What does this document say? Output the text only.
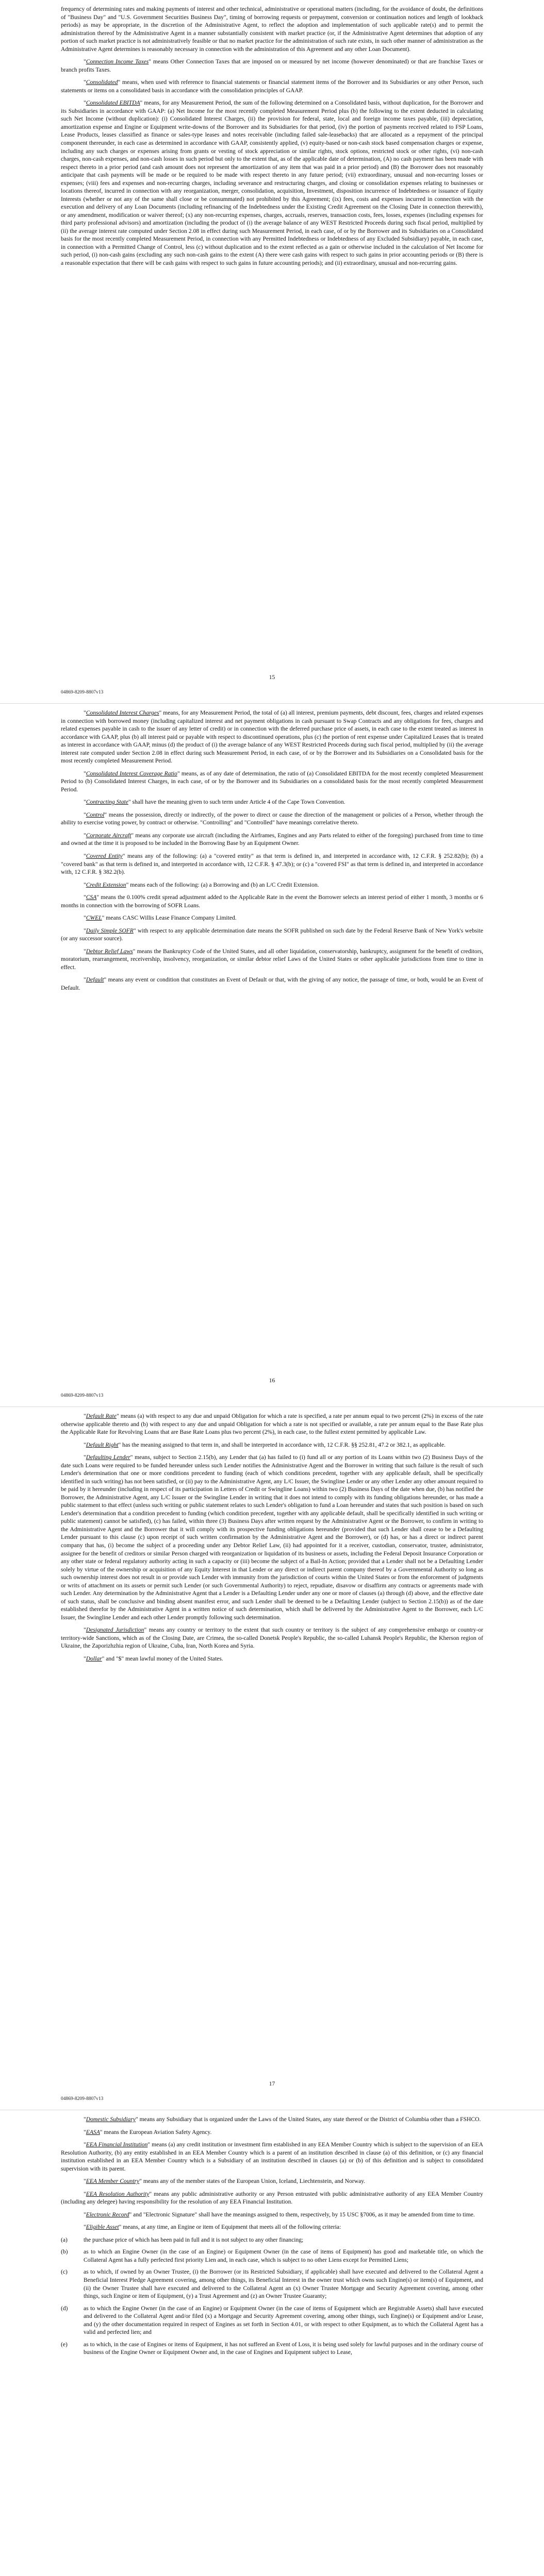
frequency of determining rates and making payments of interest and other technical, administrative or operational matters (including, for the avoidance of doubt, the definitions of "Business Day" and "U.S. Government Securities Business Day", timing of borrowing requests or prepayment, conversion or continuation notices and length of lookback periods) as may be appropriate, in the discretion of the Administrative Agent, to reflect the adoption and implementation of such applicable rate(s) and to permit the administration thereof by the Administrative Agent in a manner substantially consistent with market practice (or, if the Administrative Agent determines that adoption of any portion of such market practice is not administratively feasible or that no market practice for the administration of such rate exists, in such other manner of administration as the Administrative Agent determines is reasonably necessary in connection with the administration of this Agreement and any other Loan Document).

"Connection Income Taxes" means Other Connection Taxes that are imposed on or measured by net income (however denominated) or that are franchise Taxes or branch profits Taxes.

"Consolidated" means, when used with reference to financial statements or financial statement items of the Borrower and its Subsidiaries or any other Person, such statements or items on a consolidated basis in accordance with the consolidation principles of GAAP.

"Consolidated EBITDA" means, for any Measurement Period, the sum of the following determined on a Consolidated basis, without duplication, for the Borrower and its Subsidiaries in accordance with GAAP: (a) Net Income for the most recently completed Measurement Period plus (b) the following to the extent deducted in calculating such Net Income (without duplication): (i) Consolidated Interest Charges, (ii) the provision for federal, state, local and foreign income taxes payable, (iii) depreciation, amortization expense and Engine or Equipment write-downs of the Borrower and its Subsidiaries for that period, (iv) the portion of payments received related to FSP Loans, Lease Products, leases classified as finance or sales-type leases and notes receivable (including failed sale-leasebacks) that are allocated as a repayment of the principal component thereunder, in each case as determined in accordance with GAAP, consistently applied, (v) equity-based or non-cash stock based compensation charges or expense, including any such charges or expenses arising from grants or vesting of stock appreciation or similar rights, stock options, restricted stock or other rights, (vi) non-cash charges, non-cash expenses, and non-cash losses in such period but only to the extent that, as of the applicable date of determination, (A) no cash payment has been made with respect thereto in a prior period (and cash amount does not represent the amortization of any item that was paid in a prior period) and (B) the Borrower does not reasonably anticipate that cash payments will be made or be required to be made with respect thereto in any future period; (vii) extraordinary, unusual and non-recurring losses or expenses; (viii) fees and expenses and non-recurring charges, including severance and restructuring charges, and closing or consolidation expenses relating to businesses or locations thereof, incurred in connection with any reorganization, merger, consolidation, acquisition, Investment, disposition incurrence of Indebtedness or issuance of Equity Interests (whether or not any of the same shall close or be consummated) not prohibited by this Agreement; (ix) fees, costs and expenses incurred in connection with the execution and delivery of any Loan Documents (including refinancing of the Indebtedness under the Existing Credit Agreement on the Closing Date in connection therewith), or any amendment, modification or waiver thereof; (x) any non-recurring expenses, charges, accruals, reserves, transaction costs, fees, losses, expenses (including expenses for third party professional advisors) and amortization (including the product of (i) the average balance of any WEST Restricted Proceeds during such fiscal period, multiplied by (ii) the average interest rate computed under Section 2.08 in effect during such Measurement Period, in each case, of or by the Borrower and its Subsidiaries on a Consolidated basis for the most recently completed Measurement Period, in connection with any Permitted Indebtedness or Indebtedness of any Excluded Subsidiary) payable, in each case, in connection with a Permitted Change of Control, less (c) without duplication and to the extent reflected as a gain or otherwise included in the calculation of Net Income for such period, (i) non-cash gains (excluding any such non-cash gains to the extent (A) there were cash gains with respect to such gains in prior accounting periods or (B) there is a reasonable expectation that there will be cash gains with respect to such gains in future accounting periods); and (ii) extraordinary, unusual and non-recurring gains.

15
04869-8209-8807v13

"Consolidated Interest Charges" means, for any Measurement Period, the total of (a) all interest, premium payments, debt discount, fees, charges and related expenses in connection with borrowed money (including capitalized interest and net payment obligations in cash pursuant to Swap Contracts and any obligations for fees, charges and related expenses payable in cash to the issuer of any letter of credit) or in connection with the deferred purchase price of assets, in each case to the extent treated as interest in accordance with GAAP, plus (b) all interest paid or payable with respect to discontinued operations, plus (c) the portion of rent expense under Capitalized Leases that is treated as interest in accordance with GAAP, minus (d) the product of (i) the average balance of any WEST Restricted Proceeds during such fiscal period, multiplied by (ii) the average interest rate computed under Section 2.08 in effect during such Measurement Period, in each case, of or by the Borrower and its Subsidiaries on a Consolidated basis for the most recently completed Measurement Period.

"Consolidated Interest Coverage Ratio" means, as of any date of determination, the ratio of (a) Consolidated EBITDA for the most recently completed Measurement Period to (b) Consolidated Interest Charges, in each case, of or by the Borrower and its Subsidiaries on a consolidated basis for the most recently completed Measurement Period.

"Contracting State" shall have the meaning given to such term under Article 4 of the Cape Town Convention.

"Control" means the possession, directly or indirectly, of the power to direct or cause the direction of the management or policies of a Person, whether through the ability to exercise voting power, by contract or otherwise. "Controlling" and "Controlled" have meanings correlative thereto.

"Corporate Aircraft" means any corporate use aircraft (including the Airframes, Engines and any Parts related to either of the foregoing) purchased from time to time and owned at the time it is proposed to be included in the Borrowing Base by an Equipment Owner.

"Covered Entity" means any of the following: (a) a "covered entity" as that term is defined in, and interpreted in accordance with, 12 C.F.R. § 252.82(b); (b) a "covered bank" as that term is defined in, and interpreted in accordance with, 12 C.F.R. § 47.3(b); or (c) a "covered FSI" as that term is defined in, and interpreted in accordance with, 12 C.F.R. § 382.2(b).

"Credit Extension" means each of the following: (a) a Borrowing and (b) an L/C Credit Extension.

"CSA" means the 0.100% credit spread adjustment added to the Applicable Rate in the event the Borrower selects an interest period of either 1 month, 3 months or 6 months in connection with the borrowing of SOFR Loans.

"CWEL" means CASC Willis Lease Finance Company Limited.

"Daily Simple SOFR" with respect to any applicable determination date means the SOFR published on such date by the Federal Reserve Bank of New York's website (or any successor source).

"Debtor Relief Laws" means the Bankruptcy Code of the United States, and all other liquidation, conservatorship, bankruptcy, assignment for the benefit of creditors, moratorium, rearrangement, receivership, insolvency, reorganization, or similar debtor relief Laws of the United States or other applicable jurisdictions from time to time in effect.

"Default" means any event or condition that constitutes an Event of Default or that, with the giving of any notice, the passage of time, or both, would be an Event of Default.

16
04869-8209-8807v13

"Default Rate" means (a) with respect to any due and unpaid Obligation for which a rate is specified, a rate per annum equal to two percent (2%) in excess of the rate otherwise applicable thereto and (b) with respect to any due and unpaid Obligation for which a rate is not specified or available, a rate per annum equal to the Base Rate plus the Applicable Rate for Revolving Loans that are Base Rate Loans plus two percent (2%), in each case, to the fullest extent permitted by applicable Law.

"Default Right" has the meaning assigned to that term in, and shall be interpreted in accordance with, 12 C.F.R. §§ 252.81, 47.2 or 382.1, as applicable.

"Defaulting Lender" means, subject to Section 2.15(b), any Lender that (a) has failed to (i) fund all or any portion of its Loans within two (2) Business Days of the date such Loans were required to be funded hereunder unless such Lender notifies the Administrative Agent and the Borrower in writing that such failure is the result of such Lender's determination that one or more conditions precedent to funding (each of which conditions precedent, together with any applicable default, shall be specifically identified in such writing) has not been satisfied, or (ii) pay to the Administrative Agent, any L/C Issuer, the Swingline Lender or any other Lender any other amount required to be paid by it hereunder (including in respect of its participation in Letters of Credit or Swingline Loans) within two (2) Business Days of the date when due, (b) has notified the Borrower, the Administrative Agent, any L/C Issuer or the Swingline Lender in writing that it does not intend to comply with its funding obligations hereunder, or has made a public statement to that effect (unless such writing or public statement relates to such Lender's obligation to fund a Loan hereunder and states that such position is based on such Lender's determination that a condition precedent to funding (which condition precedent, together with any applicable default, shall be specifically identified in such writing or public statement) cannot be satisfied), (c) has failed, within three (3) Business Days after written request by the Administrative Agent or the Borrower, to confirm in writing to the Administrative Agent and the Borrower that it will comply with its prospective funding obligations hereunder (provided that such Lender shall cease to be a Defaulting Lender pursuant to this clause (c) upon receipt of such written confirmation by the Administrative Agent and the Borrower), or (d) has, or has a direct or indirect parent company that has, (i) become the subject of a proceeding under any Debtor Relief Law, (ii) had appointed for it a receiver, custodian, conservator, trustee, administrator, assignee for the benefit of creditors or similar Person charged with reorganization or liquidation of its business or assets, including the Federal Deposit Insurance Corporation or any other state or federal regulatory authority acting in such a capacity or (iii) become the subject of a Bail-In Action; provided that a Lender shall not be a Defaulting Lender solely by virtue of the ownership or acquisition of any Equity Interest in that Lender or any direct or indirect parent company thereof by a Governmental Authority so long as such ownership interest does not result in or provide such Lender with immunity from the jurisdiction of courts within the United States or from the enforcement of judgments or writs of attachment on its assets or permit such Lender (or such Governmental Authority) to reject, repudiate, disavow or disaffirm any contracts or agreements made with such Lender. Any determination by the Administrative Agent that a Lender is a Defaulting Lender under any one or more of clauses (a) through (d) above, and the effective date of such status, shall be conclusive and binding absent manifest error, and such Lender shall be deemed to be a Defaulting Lender (subject to Section 2.15(b)) as of the date established therefor by the Administrative Agent in a written notice of such determination, which shall be delivered by the Administrative Agent to the Borrower, each L/C Issuer, the Swingline Lender and each other Lender promptly following such determination.

"Designated Jurisdiction" means any country or territory to the extent that such country or territory is the subject of any comprehensive embargo or country-or territory-wide Sanctions, which as of the Closing Date, are Crimea, the so-called Donetsk People's Republic, the so-called Luhansk People's Republic, the Kherson region of Ukraine, the Zaporizhzhia region of Ukraine, Cuba, Iran, North Korea and Syria.

"Dollar" and "$" mean lawful money of the United States.

17
04869-8209-8807v13

"Domestic Subsidiary" means any Subsidiary that is organized under the Laws of the United States, any state thereof or the District of Columbia other than a FSHCO.

"EASA" means the European Aviation Safety Agency.

"EEA Financial Institution" means (a) any credit institution or investment firm established in any EEA Member Country which is subject to the supervision of an EEA Resolution Authority, (b) any entity established in an EEA Member Country which is a parent of an institution described in clause (a) of this definition, or (c) any financial institution established in an EEA Member Country which is a Subsidiary of an institution described in clauses (a) or (b) of this definition and is subject to consolidated supervision with its parent.

"EEA Member Country" means any of the member states of the European Union, Iceland, Liechtenstein, and Norway.

"EEA Resolution Authority" means any public administrative authority or any Person entrusted with public administrative authority of any EEA Member Country (including any delegee) having responsibility for the resolution of any EEA Financial Institution.

"Electronic Record" and "Electronic Signature" shall have the meanings assigned to them, respectively, by 15 USC §7006, as it may be amended from time to time.

"Eligible Asset" means, at any time, an Engine or item of Equipment that meets all of the following criteria:

(a)	the purchase price of which has been paid in full and it is not subject to any other financing;

(b)	as to which an Engine Owner (in the case of an Engine) or Equipment Owner (in the case of items of Equipment) has good and marketable title, on which the Collateral Agent has a fully perfected first priority Lien and, in each case, which is subject to no other Liens except for Permitted Liens;

(c)	as to which, if owned by an Owner Trustee, (i) the Borrower (or its Restricted Subsidiary, if applicable) shall have executed and delivered to the Collateral Agent a Beneficial Interest Pledge Agreement covering, among other things, its Beneficial Interest in the owner trust which owns such Engine(s) or item(s) of Equipment, and (ii) the Owner Trustee shall have executed and delivered to the Collateral Agent an (x) Owner Trustee Mortgage and Security Agreement covering, among other things, such Engine or item of Equipment, (y) a Trust Agreement and (z) an Owner Trustee Guaranty;

(d)	as to which the Engine Owner (in the case of an Engine) or Equipment Owner (in the case of items of Equipment which are Registrable Assets) shall have executed and delivered to the Collateral Agent and/or filed (x) a Mortgage and Security Agreement covering, among other things, such Engine(s) or Equipment and/or Lease, and (y) the other documentation required in respect of Engines as set forth in Section 4.01, or with respect to other Equipment, as to which the Collateral Agent has a valid and perfected lien; and

(e)	as to which, in the case of Engines or items of Equipment, it has not suffered an Event of Loss, it is being used solely for lawful purposes and in the ordinary course of business of the Engine Owner or Equipment Owner and, in the case of Engines and Equipment subject to Lease,
